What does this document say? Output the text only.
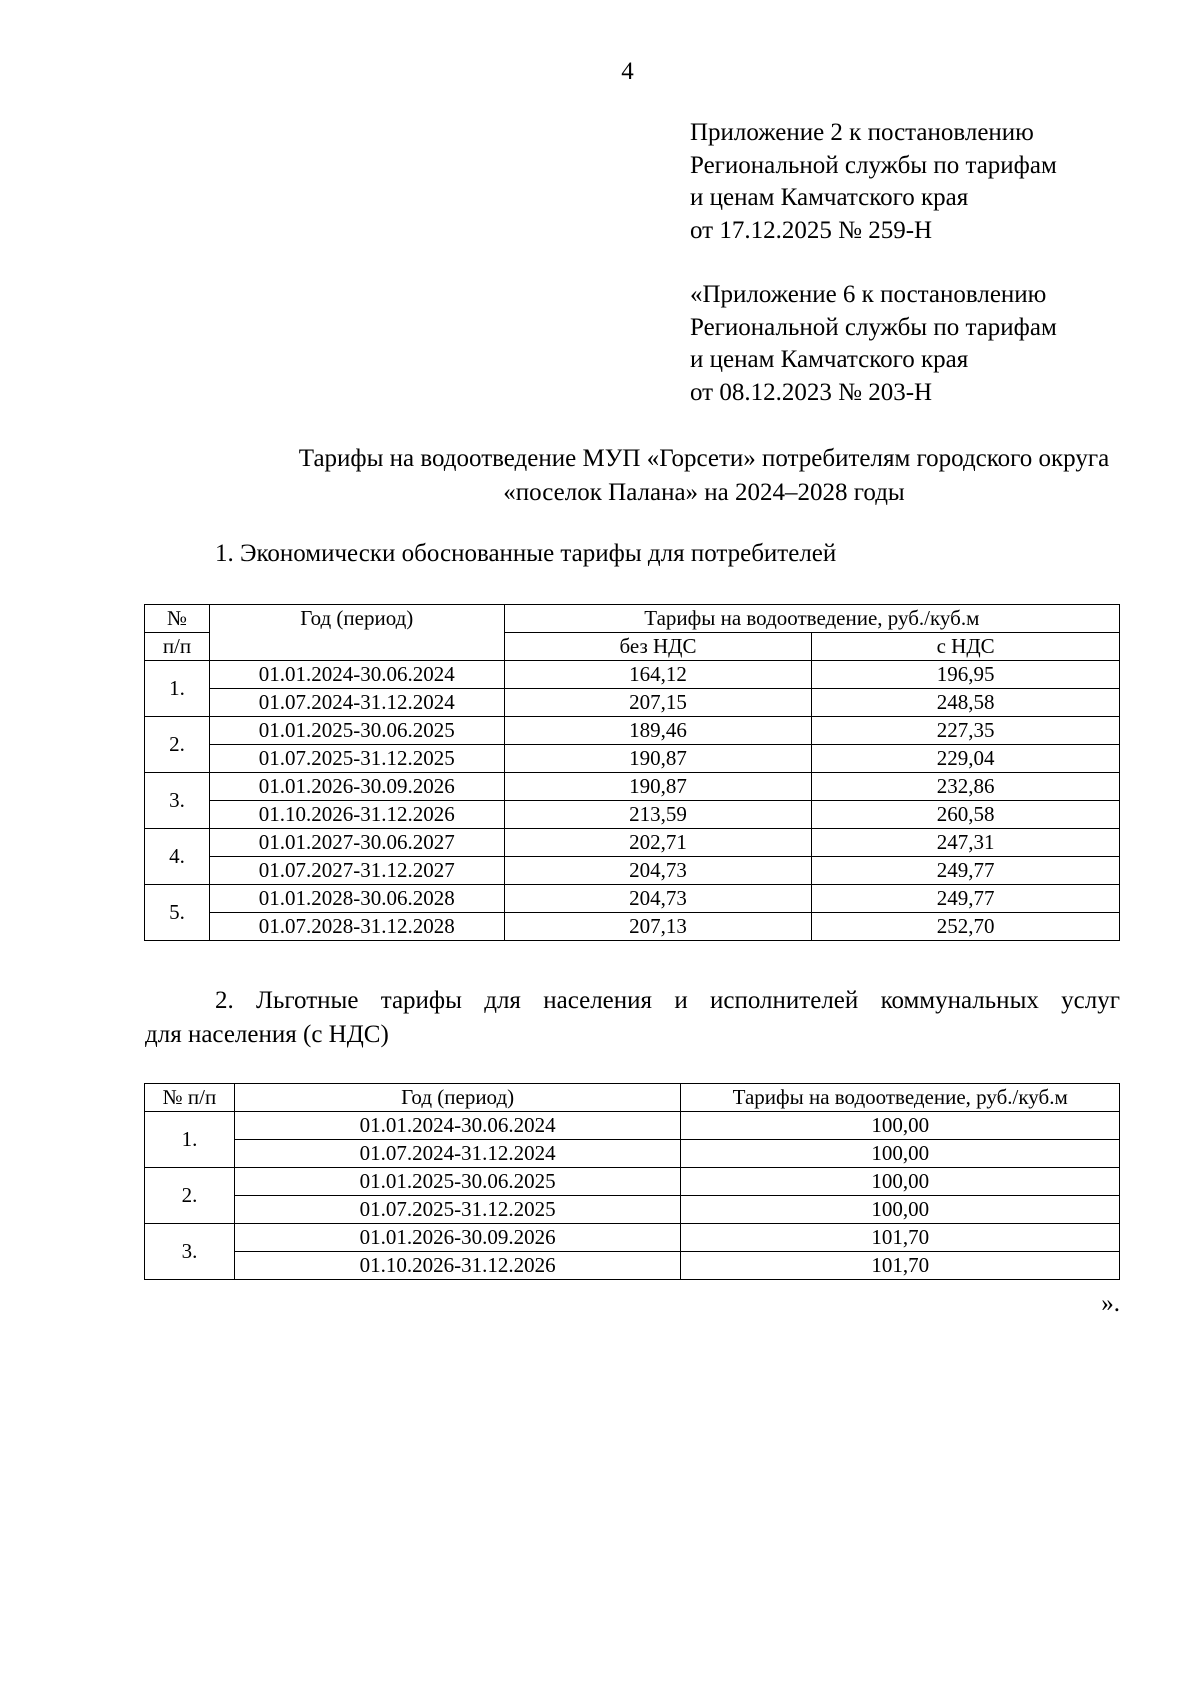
4
Приложение 2 к постановлению
Региональной службы по тарифам
и ценам Камчатского края
от 17.12.2025 № 259-Н
«Приложение 6 к постановлению
Региональной службы по тарифам
и ценам Камчатского края
от 08.12.2023 № 203-Н
Тарифы на водоотведение МУП «Горсети» потребителям городского округа
«поселок Палана» на 2024–2028 годы
1. Экономически обоснованные тарифы для потребителей
№	Год (период)	Тарифы на водоотведение, руб./куб.м	
п/п		без НДС	с НДС
1.	01.01.2024-30.06.2024	164,12	196,95
	01.07.2024-31.12.2024	207,15	248,58
2.	01.01.2025-30.06.2025	189,46	227,35
	01.07.2025-31.12.2025	190,87	229,04
3.	01.01.2026-30.09.2026	190,87	232,86
	01.10.2026-31.12.2026	213,59	260,58
4.	01.01.2027-30.06.2027	202,71	247,31
	01.07.2027-31.12.2027	204,73	249,77
5.	01.01.2028-30.06.2028	204,73	249,77
	01.07.2028-31.12.2028	207,13	252,70
2. Льготные тарифы для населения и исполнителей коммунальных услуг
для населения (с НДС)
№ п/п	Год (период)	Тарифы на водоотведение, руб./куб.м
1.	01.01.2024-30.06.2024	100,00
	01.07.2024-31.12.2024	100,00
2.	01.01.2025-30.06.2025	100,00
	01.07.2025-31.12.2025	100,00
3.	01.01.2026-30.09.2026	101,70
	01.10.2026-31.12.2026	101,70
».
